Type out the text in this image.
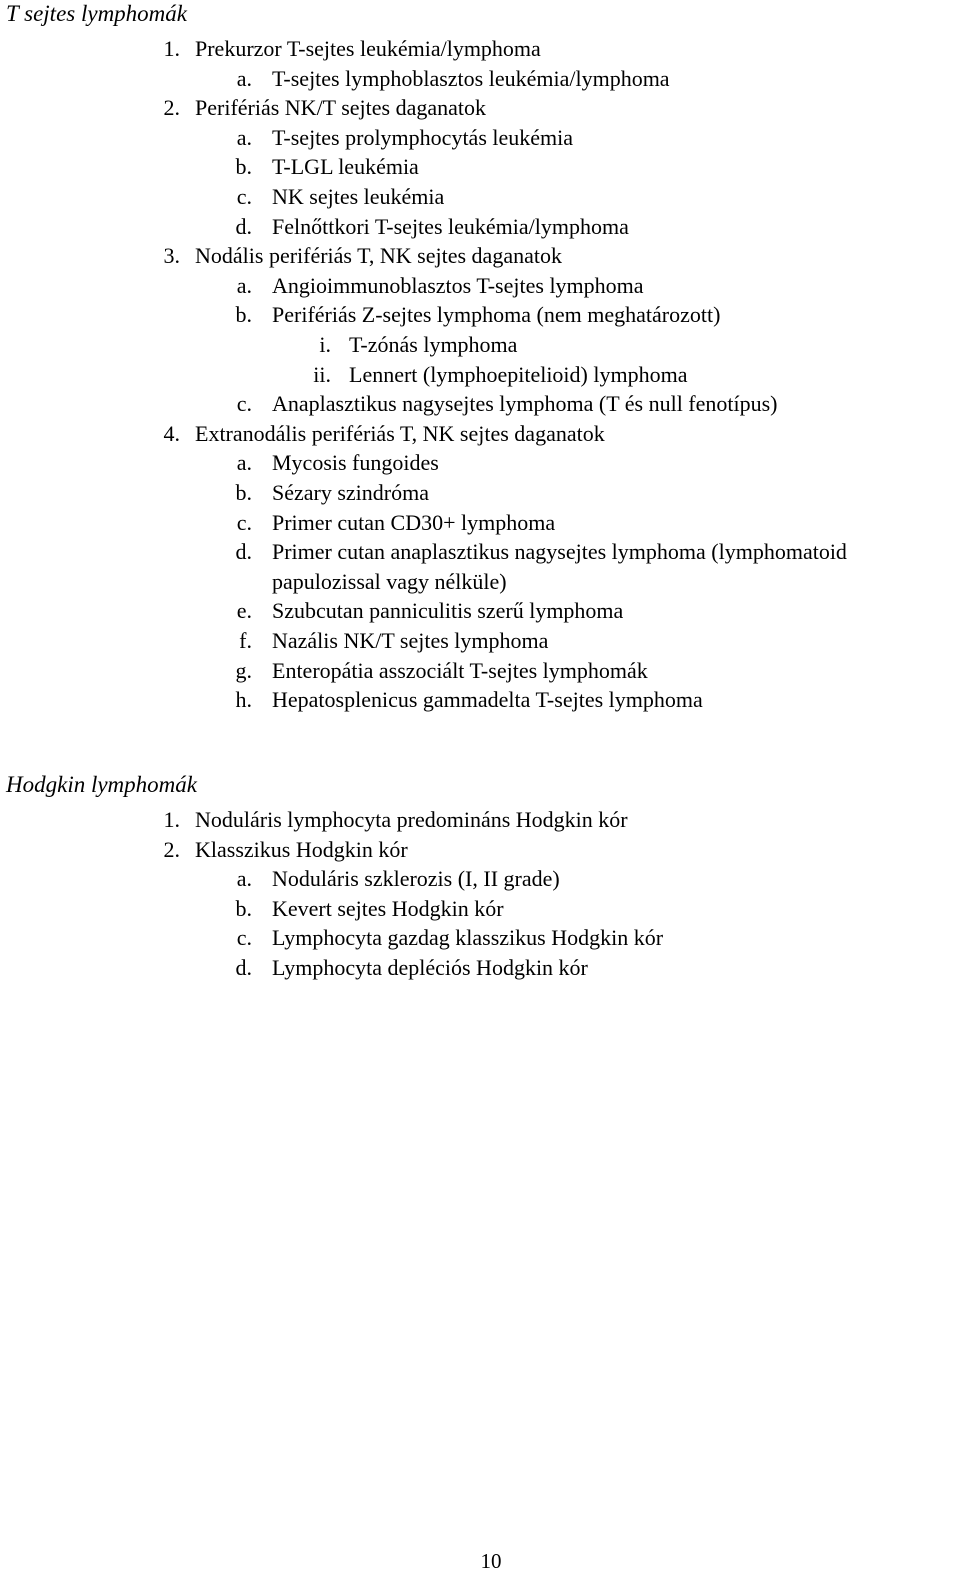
T sejtes lymphomák
1. Prekurzor T-sejtes leukémia/lymphoma
a. T-sejtes lymphoblasztos leukémia/lymphoma
2. Perifériás NK/T sejtes daganatok
a. T-sejtes prolymphocytás leukémia
b. T-LGL leukémia
c. NK sejtes leukémia
d. Felnőttkori T-sejtes leukémia/lymphoma
3. Nodális perifériás T, NK sejtes daganatok
a. Angioimmunoblasztos T-sejtes lymphoma
b. Perifériás Z-sejtes lymphoma (nem meghatározott)
i. T-zónás lymphoma
ii. Lennert (lymphoepitelioid) lymphoma
c. Anaplasztikus nagysejtes lymphoma (T és null fenotípus)
4. Extranodális perifériás T, NK sejtes daganatok
a. Mycosis fungoides
b. Sézary szindróma
c. Primer cutan CD30+ lymphoma
d. Primer cutan anaplasztikus nagysejtes lymphoma (lymphomatoid
papulozissal vagy nélküle)
e. Szubcutan panniculitis szerű lymphoma
f. Nazális NK/T sejtes lymphoma
g. Enteropátia asszociált T-sejtes lymphomák
h. Hepatosplenicus gammadelta T-sejtes lymphoma
Hodgkin lymphomák
1. Noduláris lymphocyta predomináns Hodgkin kór
2. Klasszikus Hodgkin kór
a. Noduláris szklerozis (I, II grade)
b. Kevert sejtes Hodgkin kór
c. Lymphocyta gazdag klasszikus Hodgkin kór
d. Lymphocyta depléciós Hodgkin kór
10
